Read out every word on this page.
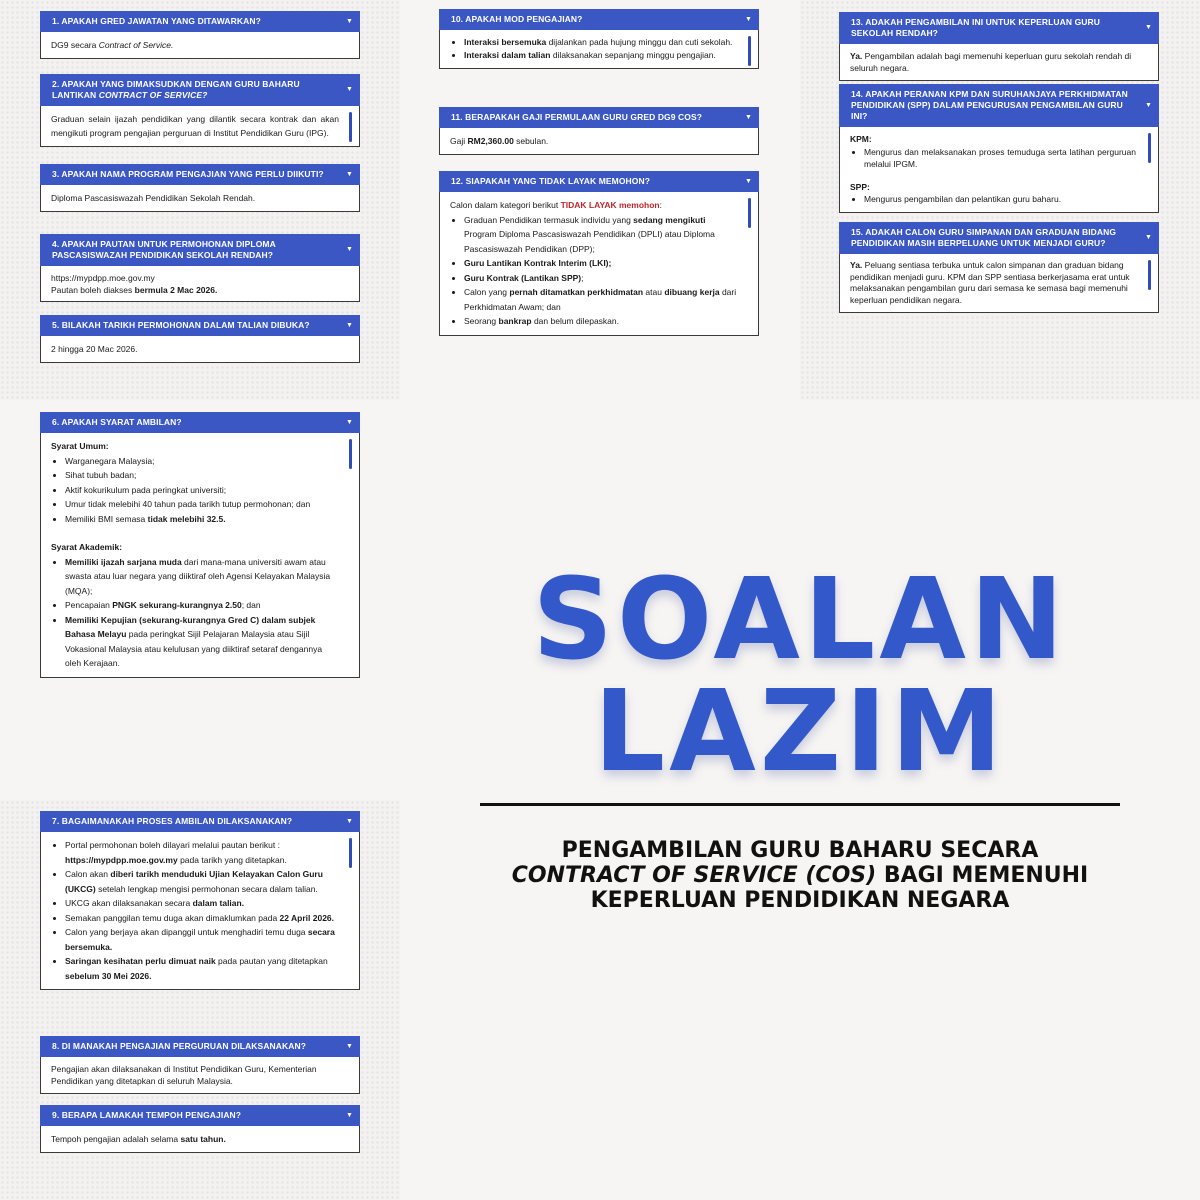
1. APAKAH GRED JAWATAN YANG DITAWARKAN?	▼
DG9 secara Contract of Service.
2. APAKAH YANG DIMAKSUDKAN DENGAN GURU BAHARU LANTIKAN CONTRACT OF SERVICE?
▼

Graduan selain ijazah pendidikan yang dilantik secara kontrak dan akan mengikuti program pengajian perguruan di Institut Pendidikan Guru (IPG).

3. APAKAH NAMA PROGRAM PENGAJIAN YANG PERLU DIIKUTI?	▼

Diploma Pascasiswazah Pendidikan Sekolah Rendah.

4. APAKAH PAUTAN UNTUK PERMOHONAN DIPLOMA PASCASISWAZAH PENDIDIKAN SEKOLAH RENDAH?
▼

https://mypdpp.moe.gov.my

Pautan boleh diakses bermula 2 Mac 2026.

5. BILAKAH TARIKH PERMOHONAN DALAM TALIAN DIBUKA?	▼

2 hingga 20 Mac 2026.

10. APAKAH MOD PENGAJIAN?	▼
• Interaksi bersemuka dijalankan pada hujung minggu dan cuti sekolah.
• Interaksi dalam talian dilaksanakan sepanjang minggu pengajian.
11. BERAPAKAH GAJI PERMULAAN GURU GRED DG9 COS?	▼
Gaji RM2,360.00 sebulan.
12. SIAPAKAH YANG TIDAK LAYAK MEMOHON?	▼

Calon dalam kategori berikut TIDAK LAYAK memohon:

• Graduan Pendidikan termasuk individu yang sedang mengikuti Program Diploma Pascasiswazah Pendidikan (DPLI) atau Diploma Pascasiswazah Pendidikan (DPP);
• Guru Lantikan Kontrak Interim (LKI);
• Guru Kontrak (Lantikan SPP);
• Calon yang pernah ditamatkan perkhidmatan atau dibuang kerja dari Perkhidmatan Awam; dan
• Seorang bankrap dan belum dilepaskan.
13. ADAKAH PENGAMBILAN INI UNTUK KEPERLUAN GURU SEKOLAH RENDAH?
▼

Ya. Pengambilan adalah bagi memenuhi keperluan guru sekolah rendah di seluruh negara.

14. APAKAH PERANAN KPM DAN SURUHANJAYA PERKHIDMATAN PENDIDIKAN (SPP) DALAM PENGURUSAN PENGAMBILAN GURU INI?
▼

KPM:

• Mengurus dan melaksanakan proses temuduga serta latihan perguruan melalui IPGM.

SPP:

• Mengurus pengambilan dan pelantikan guru baharu.
15. ADAKAH CALON GURU SIMPANAN DAN GRADUAN BIDANG PENDIDIKAN MASIH BERPELUANG UNTUK MENJADI GURU?
▼

Ya. Peluang sentiasa terbuka untuk calon simpanan dan graduan bidang pendidikan menjadi guru. KPM dan SPP sentiasa berkerjasama erat untuk melaksanakan pengambilan guru dari semasa ke semasa bagi memenuhi keperluan pendidikan negara.

6. APAKAH SYARAT AMBILAN?	▼

Syarat Umum:

• Warganegara Malaysia;
• Sihat tubuh badan;
• Aktif kokurikulum pada peringkat universiti;
• Umur tidak melebihi 40 tahun pada tarikh tutup permohonan; dan
• Memiliki BMI semasa tidak melebihi 32.5.

Syarat Akademik:

• Memiliki ijazah sarjana muda dari mana-mana universiti awam atau swasta atau luar negara yang diiktiraf oleh Agensi Kelayakan Malaysia (MQA);
• Pencapaian PNGK sekurang-kurangnya 2.50; dan
• Memiliki Kepujian (sekurang-kurangnya Gred C) dalam subjek Bahasa Melayu pada peringkat Sijil Pelajaran Malaysia atau Sijil Vokasional Malaysia atau kelulusan yang diiktiraf setaraf dengannya oleh Kerajaan.
7. BAGAIMANAKAH PROSES AMBILAN DILAKSANAKAN?	▼
• Portal permohonan boleh dilayari melalui pautan berikut : https://mypdpp.moe.gov.my pada tarikh yang ditetapkan.
• Calon akan diberi tarikh menduduki Ujian Kelayakan Calon Guru (UKCG) setelah lengkap mengisi permohonan secara dalam talian.
• UKCG akan dilaksanakan secara dalam talian.
• Semakan panggilan temu duga akan dimaklumkan pada 22 April 2026.
• Calon yang berjaya akan dipanggil untuk menghadiri temu duga secara bersemuka.
• Saringan kesihatan perlu dimuat naik pada pautan yang ditetapkan sebelum 30 Mei 2026.
8. DI MANAKAH PENGAJIAN PERGURUAN DILAKSANAKAN?	▼

Pengajian akan dilaksanakan di Institut Pendidikan Guru, Kementerian Pendidikan yang ditetapkan di seluruh Malaysia.

9. BERAPA LAMAKAH TEMPOH PENGAJIAN?	▼
Tempoh pengajian adalah selama satu tahun.
SOALAN
LAZIM
PENGAMBILAN GURU BAHARU SECARA
CONTRACT OF SERVICE (COS) BAGI MEMENUHI
KEPERLUAN PENDIDIKAN NEGARA
